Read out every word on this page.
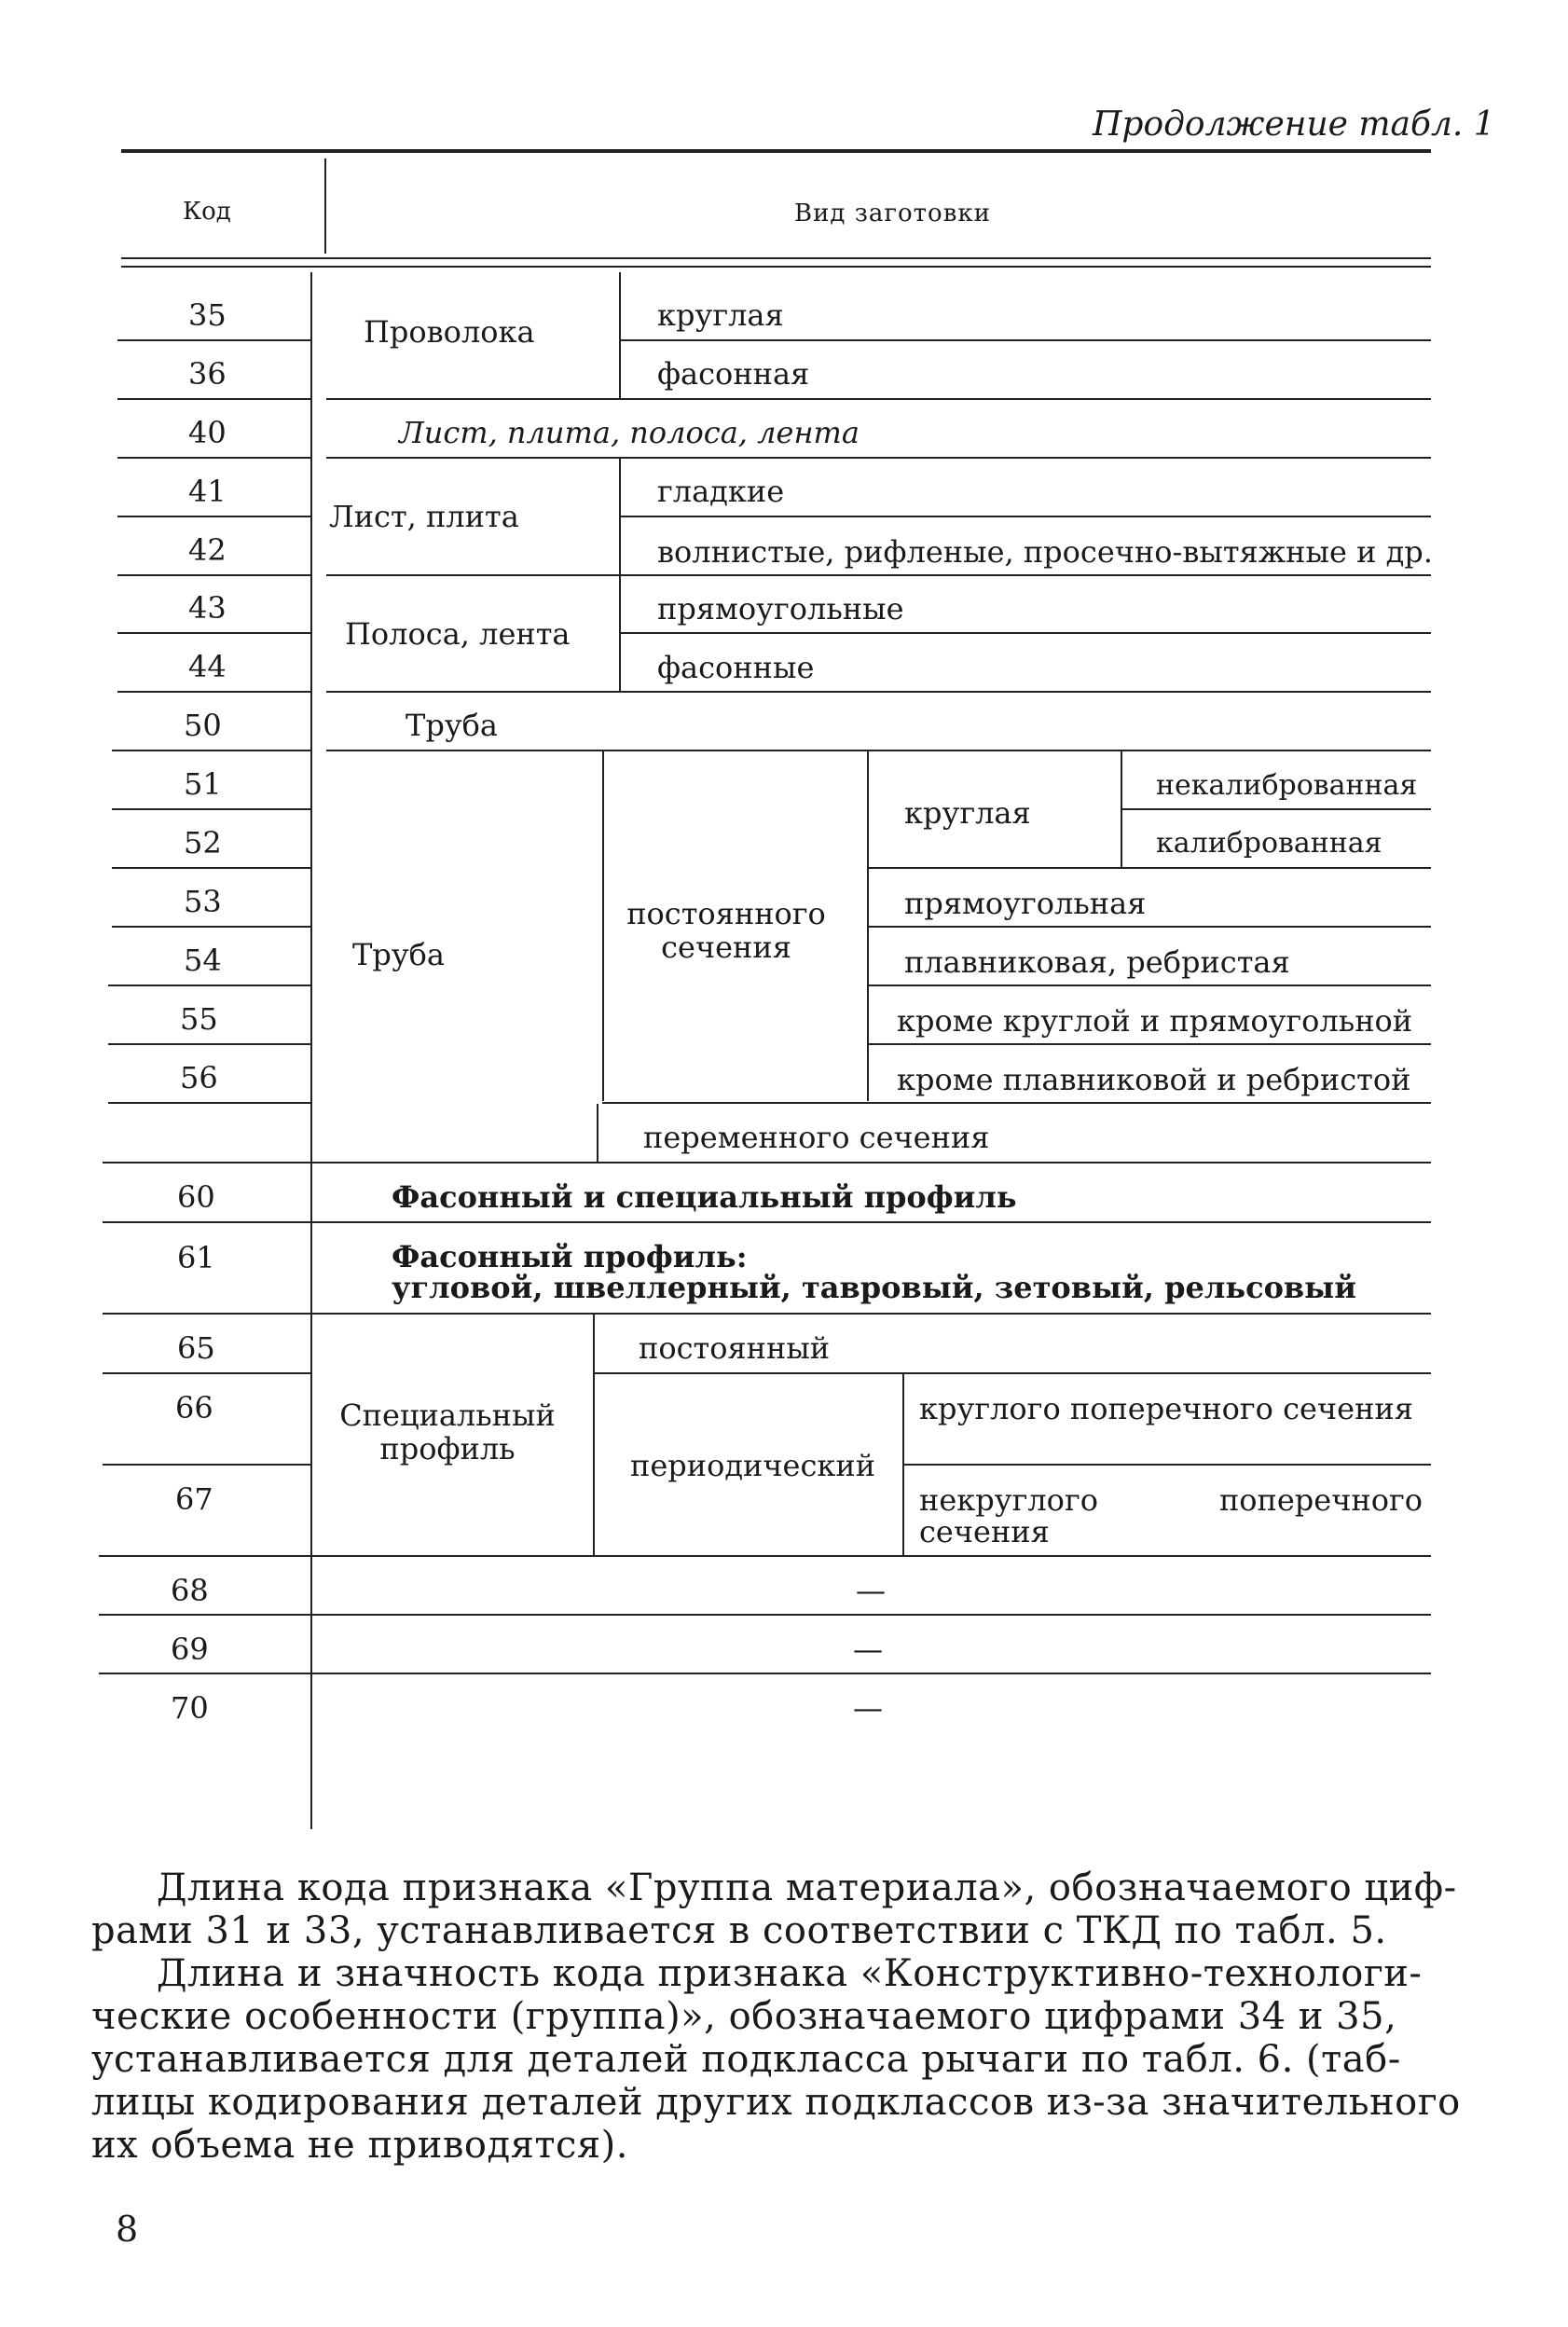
Продолжение табл. 1
Код	Вид заготовки
35
36
40
41
42
43
44
50
51
52
53
54
55
56
60
61
65
66
67
68
69
70
Проволока	круглая
фасонная
Лист, плита, полоса, лента
Лист, плита
гладкие
волнистые, рифленые, просечно-вытяжные и др.
Полоса, лента
прямоугольные
фасонные
Труба
Труба
постоянного сечения
круглая
некалиброванная
калиброванная
прямоугольная
плавниковая, ребристая
кроме круглой и прямоугольной
кроме плавниковой и ребристой
переменного сечения
Фасонный и специальный профиль
Фасонный профиль:
угловой, швеллерный, тавровый, зетовый, рельсовый
Специальный профиль
постоянный
периодический
круглого поперечного сечения
некруглого поперечного сечения
—
—
—
Длина кода признака «Группа материала», обозначаемого циф-
рами 31 и 33, устанавливается в соответствии с ТКД по табл. 5.
Длина и значность кода признака «Конструктивно-технологи-
ческие особенности (группа)», обозначаемого цифрами 34 и 35,
устанавливается для деталей подкласса рычаги по табл. 6. (таб-
лицы кодирования деталей других подклассов из-за значительного
их объема не приводятся).
8
